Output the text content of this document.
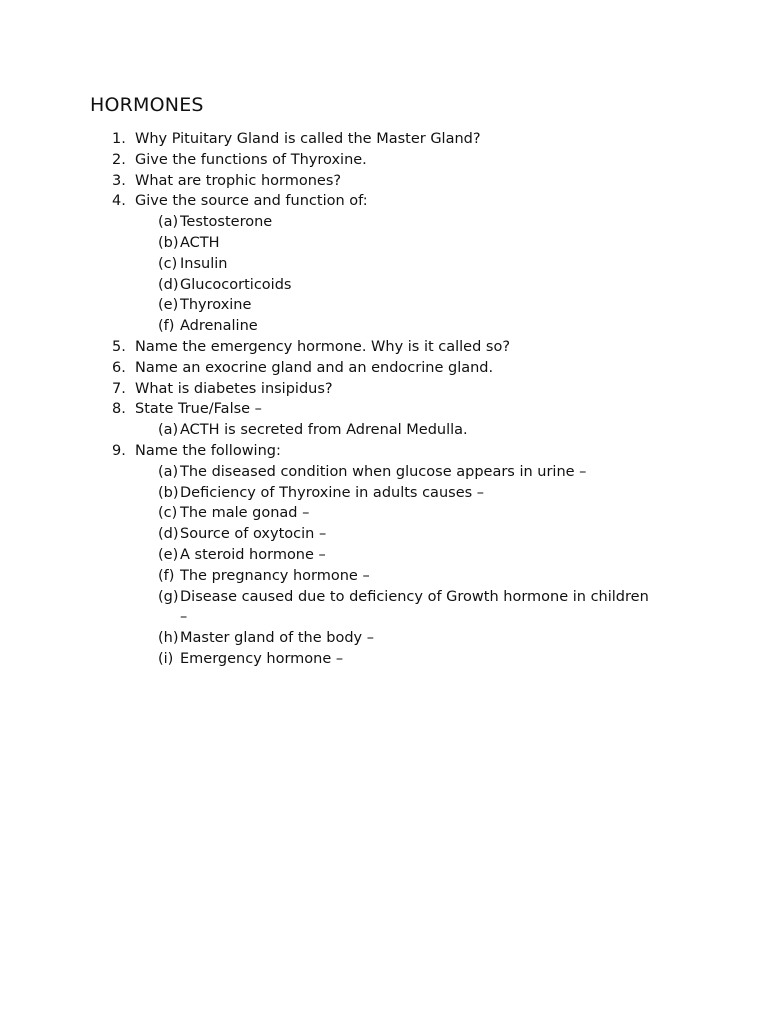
HORMONES
1. Why Pituitary Gland is called the Master Gland?
2. Give the functions of Thyroxine.
3. What are trophic hormones?
4. Give the source and function of:
(a) Testosterone
(b) ACTH
(c) Insulin
(d) Glucocorticoids
(e) Thyroxine
(f) Adrenaline
5. Name the emergency hormone. Why is it called so?
6. Name an exocrine gland and an endocrine gland.
7. What is diabetes insipidus?
8. State True/False –
(a) ACTH is secreted from Adrenal Medulla.
9. Name the following:
(a) The diseased condition when glucose appears in urine –
(b) Deficiency of Thyroxine in adults causes –
(c) The male gonad –
(d) Source of oxytocin –
(e) A steroid hormone –
(f) The pregnancy hormone –
(g) Disease caused due to deficiency of Growth hormone in children
–
(h) Master gland of the body –
(i) Emergency hormone –
